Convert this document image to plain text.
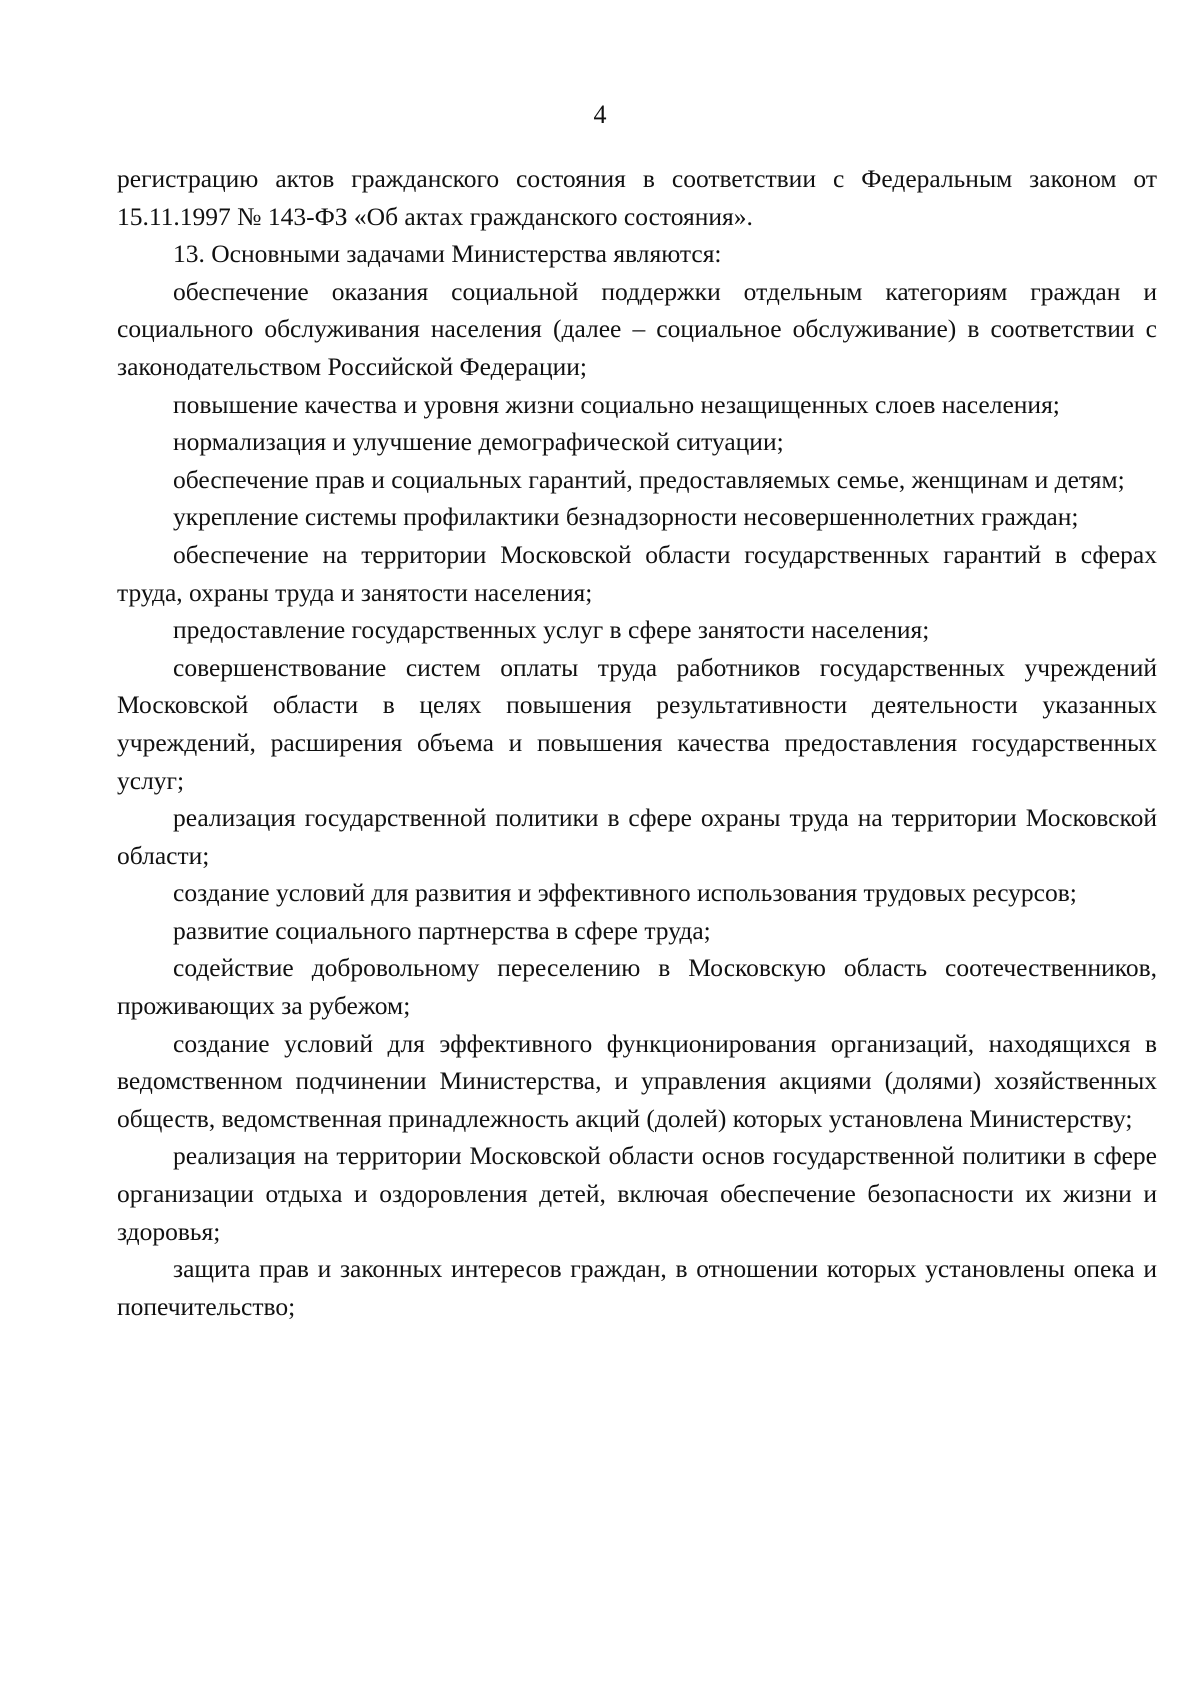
4

регистрацию актов гражданского состояния в соответствии с Федеральным законом от 15.11.1997 № 143-ФЗ «Об актах гражданского состояния».

13. Основными задачами Министерства являются:

обеспечение оказания социальной поддержки отдельным категориям граждан и социального обслуживания населения (далее – социальное обслуживание) в соответствии с законодательством Российской Федерации;

повышение качества и уровня жизни социально незащищенных слоев населения;

нормализация и улучшение демографической ситуации;

обеспечение прав и социальных гарантий, предоставляемых семье, женщинам и детям;

укрепление системы профилактики безнадзорности несовершеннолетних граждан;

обеспечение на территории Московской области государственных гарантий в сферах труда, охраны труда и занятости населения;

предоставление государственных услуг в сфере занятости населения;

совершенствование систем оплаты труда работников государственных учреждений Московской области в целях повышения результативности деятельности указанных учреждений, расширения объема и повышения качества предоставления государственных услуг;

реализация государственной политики в сфере охраны труда на территории Московской области;

создание условий для развития и эффективного использования трудовых ресурсов;

развитие социального партнерства в сфере труда;

содействие добровольному переселению в Московскую область соотечественников, проживающих за рубежом;

создание условий для эффективного функционирования организаций, находящихся в ведомственном подчинении Министерства, и управления акциями (долями) хозяйственных обществ, ведомственная принадлежность акций (долей) которых установлена Министерству;

реализация на территории Московской области основ государственной политики в сфере организации отдыха и оздоровления детей, включая обеспечение безопасности их жизни и здоровья;

защита прав и законных интересов граждан, в отношении которых установлены опека и попечительство;
